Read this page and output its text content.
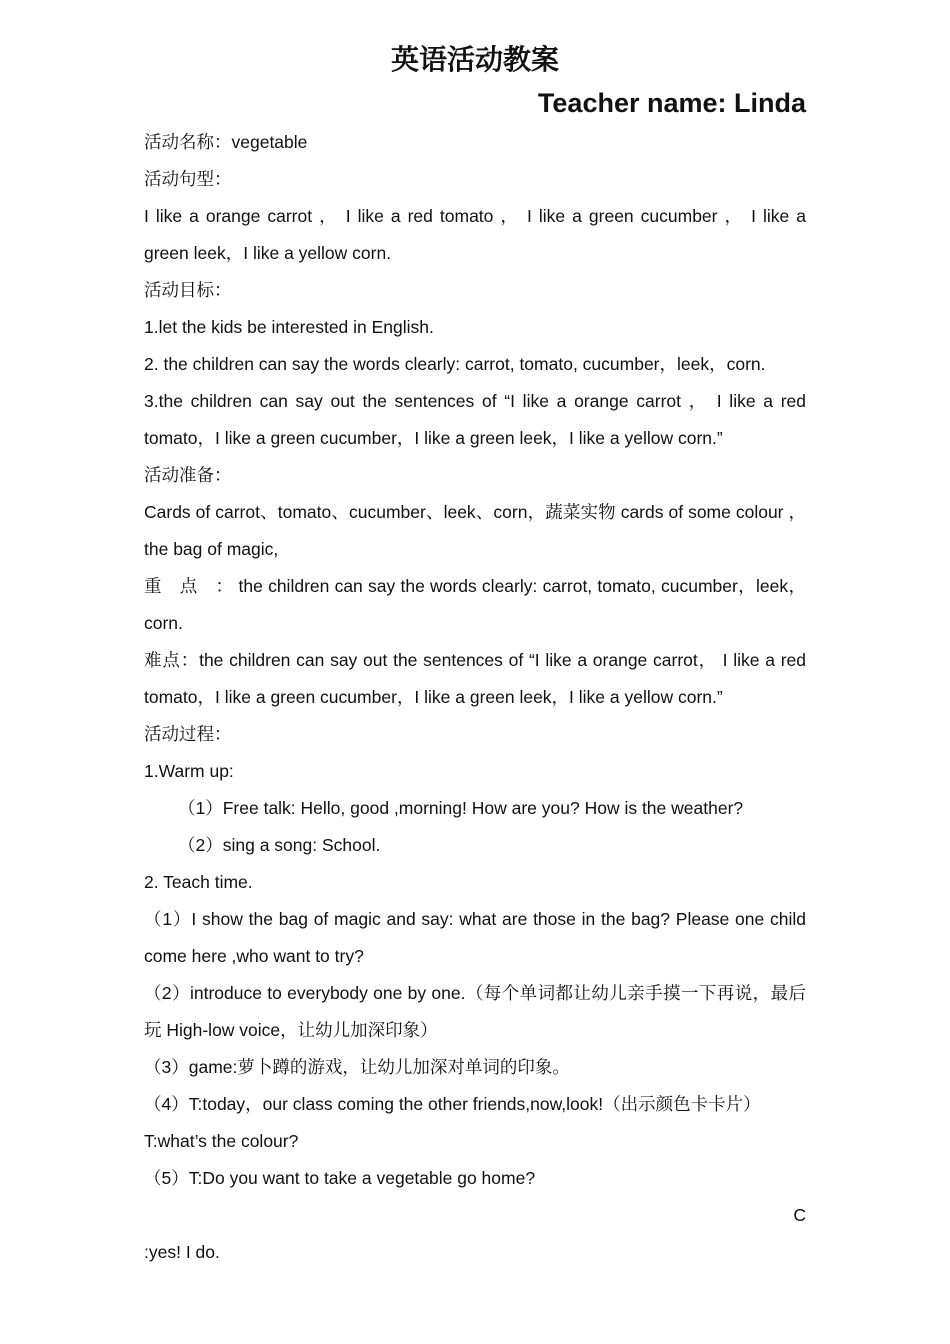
英语活动教案
Teacher name: Linda

活动名称：vegetable

活动句型：

I like a orange carrot ， I like a red tomato ， I like a green cucumber ， I like a green leek，I like a yellow corn.

活动目标：

1.let the kids be interested in English.

2. the children can say the words clearly: carrot, tomato, cucumber，leek，corn.

3.the children can say out the sentences of “I like a orange carrot ， I like a red tomato，I like a green cucumber，I like a green leek，I like a yellow corn.”

活动准备：

Cards of carrot、tomato、cucumber、leek、corn，蔬菜实物 cards of some colour ，the bag of magic,

重　点　： the children can say the words clearly: carrot, tomato, cucumber，leek，corn.

难点：the children can say out the sentences of “I like a orange carrot， I like a red tomato，I like a green cucumber，I like a green leek，I like a yellow corn.”

活动过程：

1.Warm up:

（1）Free talk: Hello, good ,morning! How are you? How is the weather?

（2）sing a song: School.

2. Teach time.

（1）I show the bag of magic and say: what are those in the bag? Please one child come here ,who want to try?

（2）introduce to everybody one by one.（每个单词都让幼儿亲手摸一下再说，最后玩 High-low voice，让幼儿加深印象）

（3）game:萝卜蹲的游戏，让幼儿加深对单词的印象。

（4）T:today，our class coming the other friends,now,look!（出示颜色卡卡片）

T:what’s the colour?

（5）T:Do you want to take a vegetable go home?

C

:yes! I do.
